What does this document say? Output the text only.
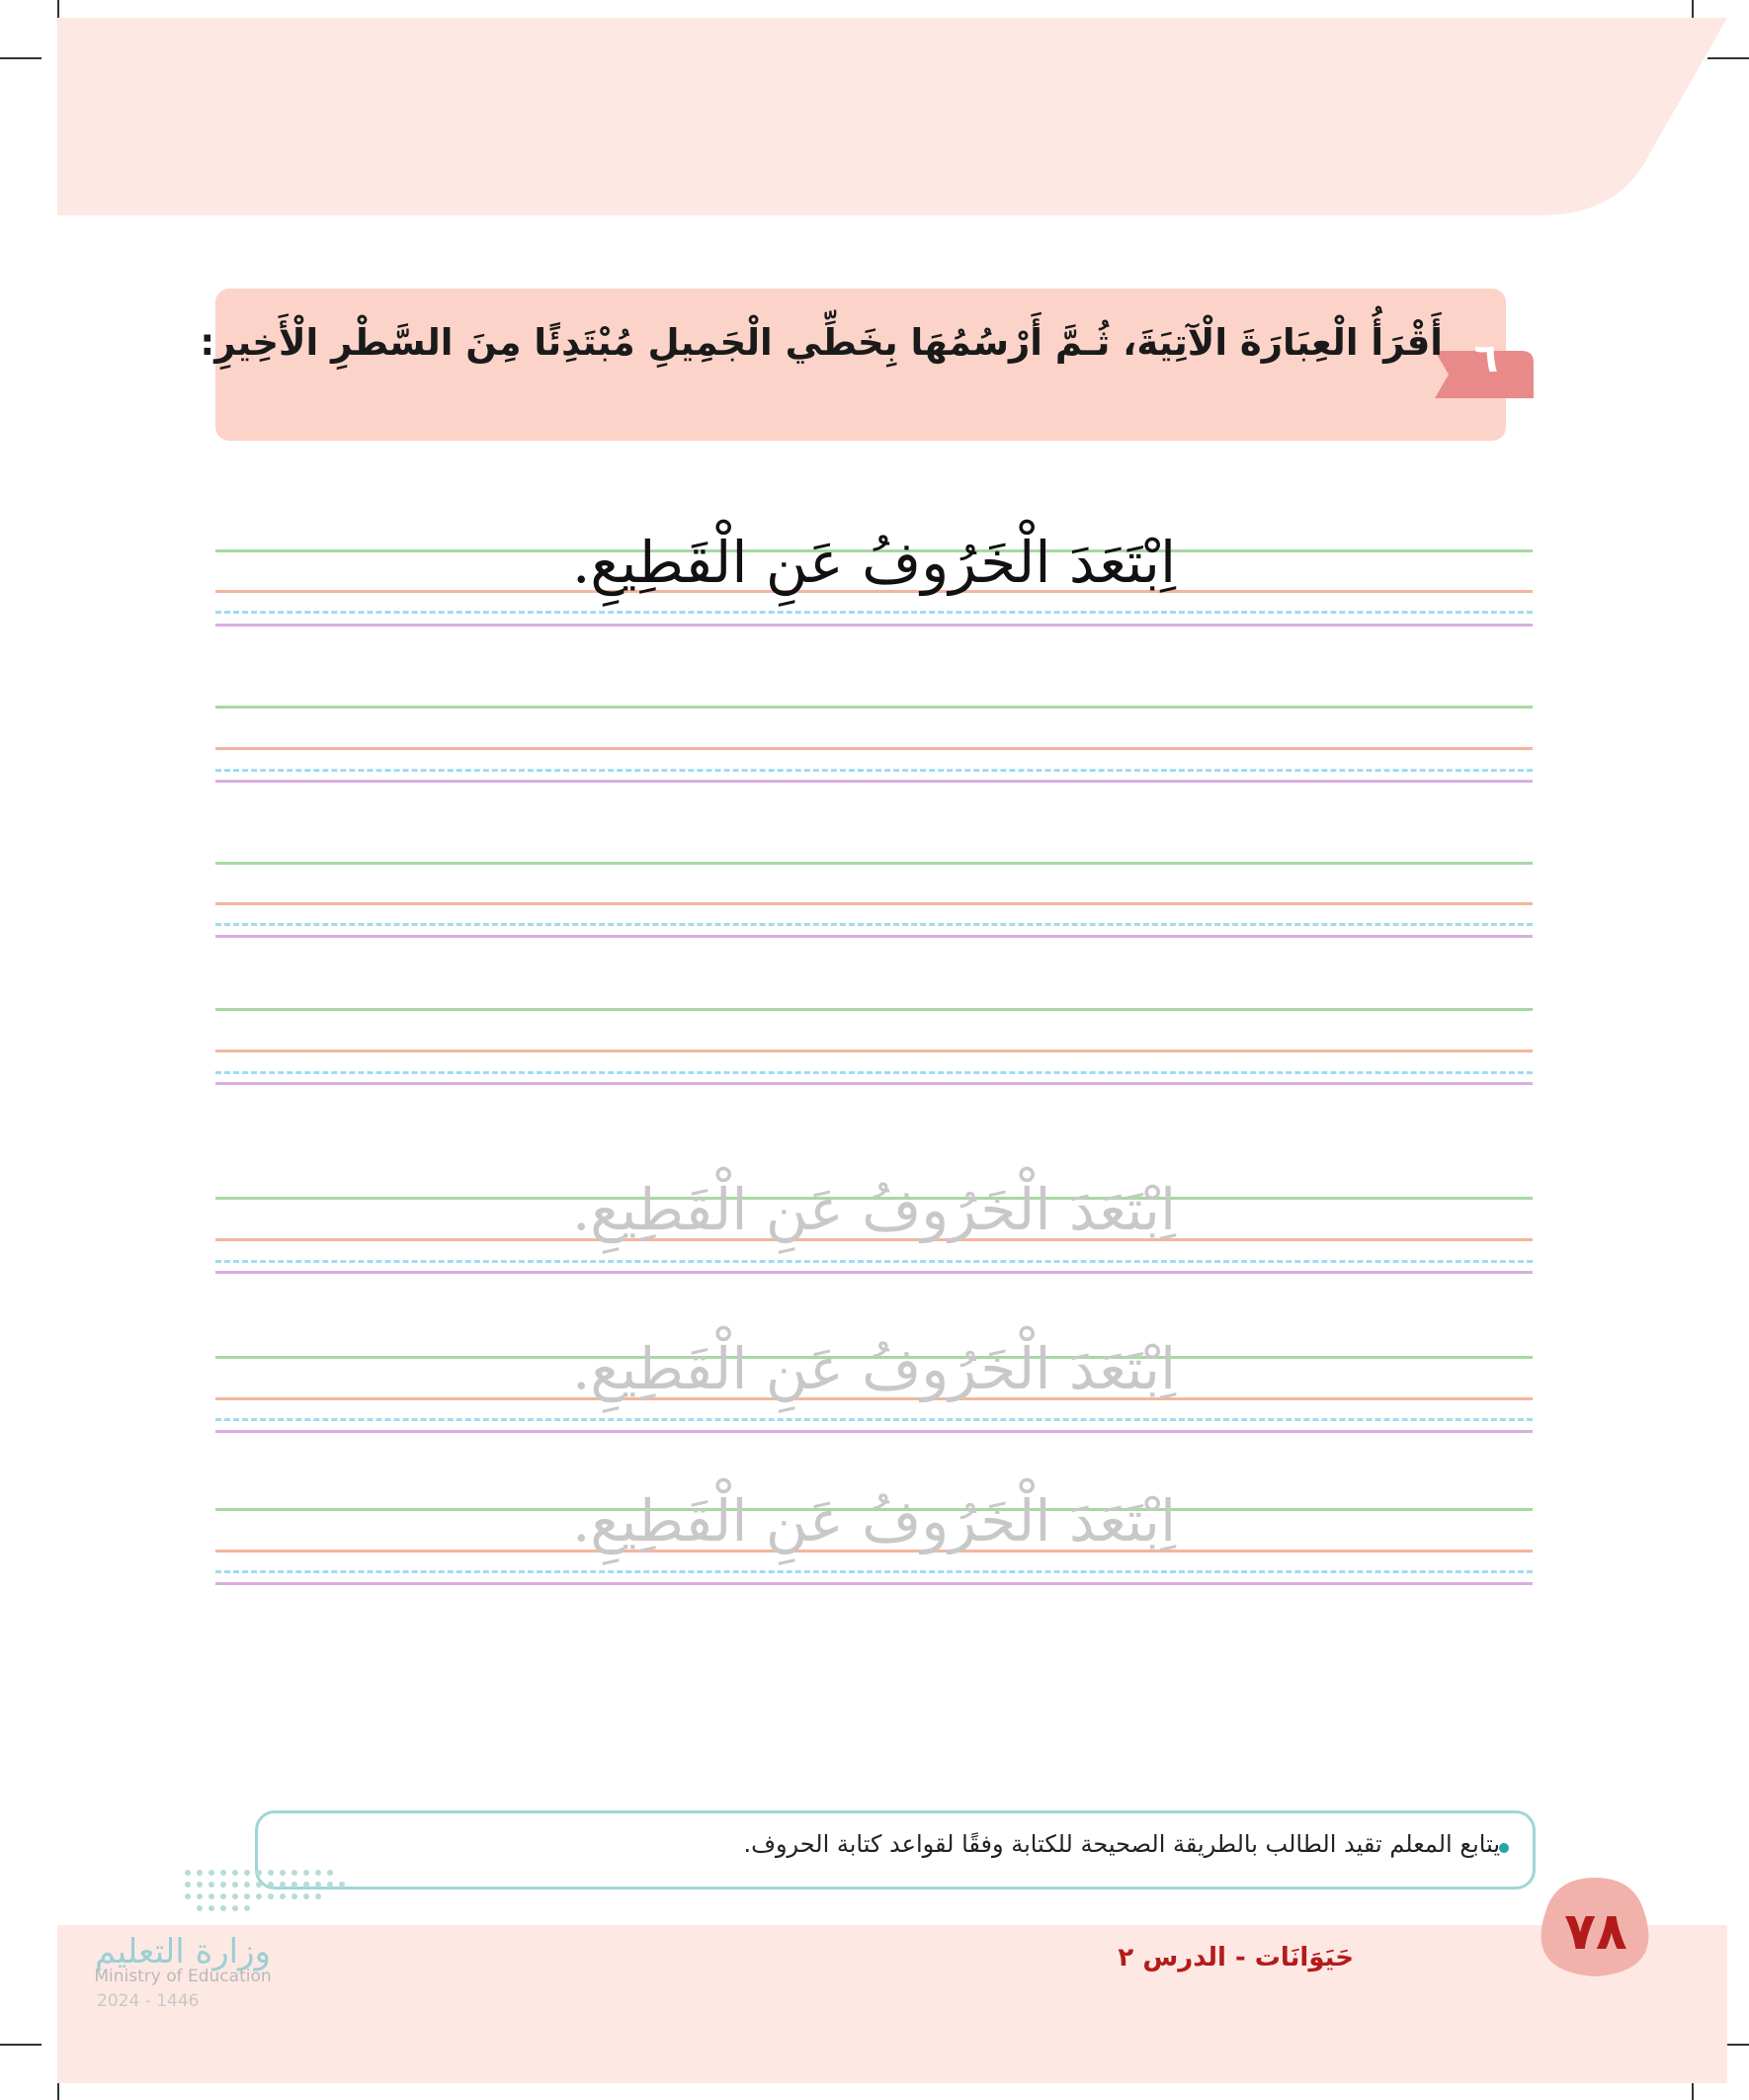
٦
أَقْرَأُ الْعِبَارَةَ الْآتِيَةَ، ثُـمَّ أَرْسُمُهَا بِخَطِّي الْجَمِيلِ مُبْتَدِئًا مِنَ السَّطْرِ الْأَخِيرِ:
اِبْتَعَدَ الْخَرُوفُ عَنِ الْقَطِيعِ.
اِبْتَعَدَ الْخَرُوفُ عَنِ الْقَطِيعِ.
اِبْتَعَدَ الْخَرُوفُ عَنِ الْقَطِيعِ.
اِبْتَعَدَ الْخَرُوفُ عَنِ الْقَطِيعِ.
يتابع المعلم تقيد الطالب بالطريقة الصحيحة للكتابة وفقًا لقواعد كتابة الحروف.
حَيَوَانَات - الدرس ٢	٧٨
وزارة التعليم
Ministry of Education
2024 - 1446
